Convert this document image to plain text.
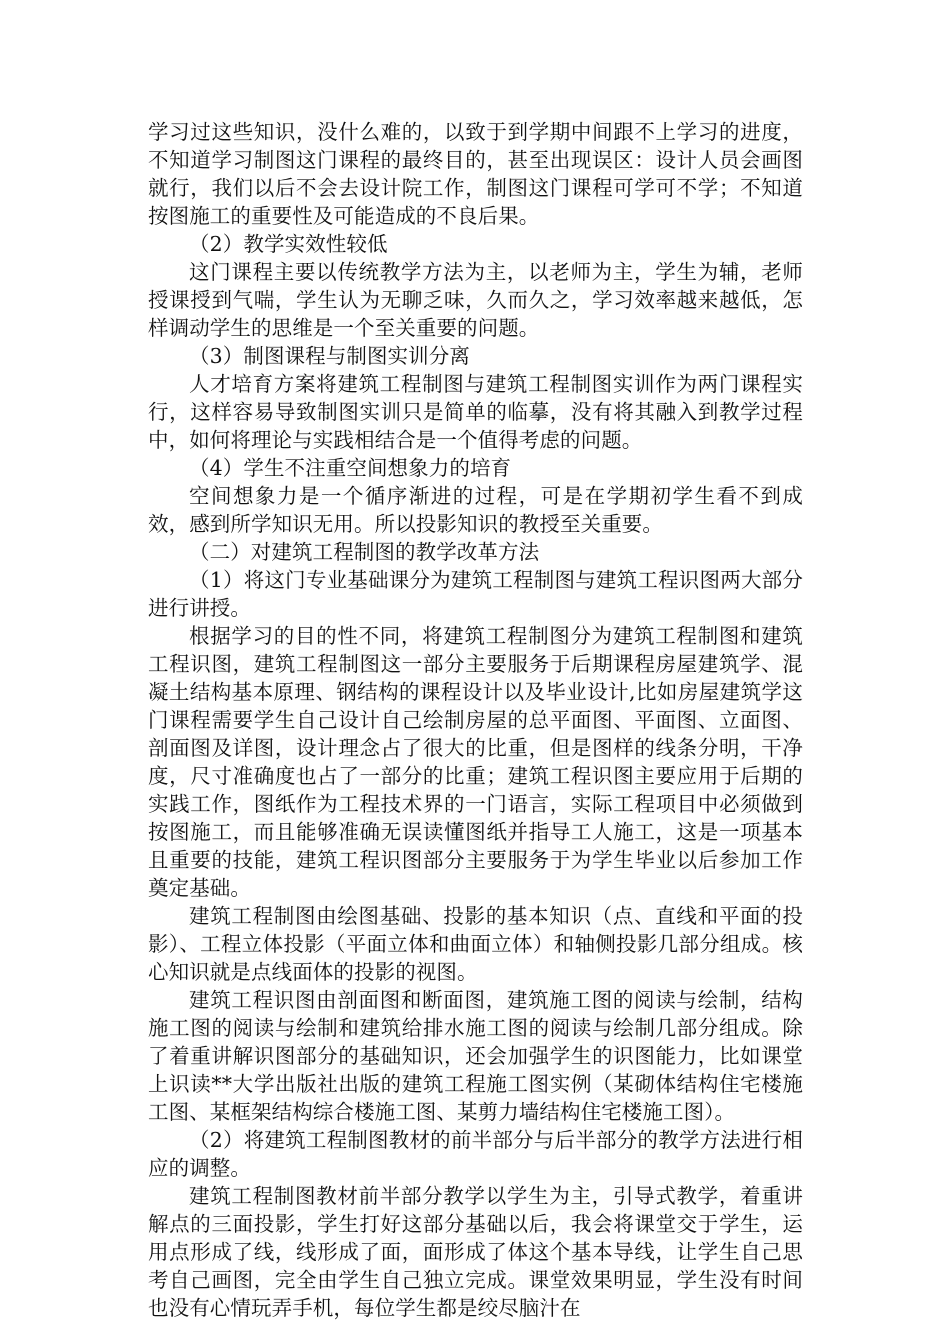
学习过这些知识，没什么难的，以致于到学期中间跟不上学习的进度，不知道学习制图这门课程的最终目的，甚至出现误区：设计人员会画图就行，我们以后不会去设计院工作，制图这门课程可学可不学；不知道按图施工的重要性及可能造成的不良后果。

（2）教学实效性较低

这门课程主要以传统教学方法为主，以老师为主，学生为辅，老师授课授到气喘，学生认为无聊乏味，久而久之，学习效率越来越低，怎样调动学生的思维是一个至关重要的问题。

（3）制图课程与制图实训分离

人才培育方案将建筑工程制图与建筑工程制图实训作为两门课程实行，这样容易导致制图实训只是简单的临摹，没有将其融入到教学过程中，如何将理论与实践相结合是一个值得考虑的问题。

（4）学生不注重空间想象力的培育

空间想象力是一个循序渐进的过程，可是在学期初学生看不到成效，感到所学知识无用。所以投影知识的教授至关重要。

（二）对建筑工程制图的教学改革方法

（1）将这门专业基础课分为建筑工程制图与建筑工程识图两大部分进行讲授。

根据学习的目的性不同，将建筑工程制图分为建筑工程制图和建筑工程识图，建筑工程制图这一部分主要服务于后期课程房屋建筑学、混凝土结构基本原理、钢结构的课程设计以及毕业设计,比如房屋建筑学这门课程需要学生自己设计自己绘制房屋的总平面图、平面图、立面图、剖面图及详图，设计理念占了很大的比重，但是图样的线条分明，干净度，尺寸准确度也占了一部分的比重；建筑工程识图主要应用于后期的实践工作，图纸作为工程技术界的一门语言，实际工程项目中必须做到按图施工，而且能够准确无误读懂图纸并指导工人施工，这是一项基本且重要的技能，建筑工程识图部分主要服务于为学生毕业以后参加工作奠定基础。

建筑工程制图由绘图基础、投影的基本知识（点、直线和平面的投影）、工程立体投影（平面立体和曲面立体）和轴侧投影几部分组成。核心知识就是点线面体的投影的视图。

建筑工程识图由剖面图和断面图，建筑施工图的阅读与绘制，结构施工图的阅读与绘制和建筑给排水施工图的阅读与绘制几部分组成。除了着重讲解识图部分的基础知识，还会加强学生的识图能力，比如课堂上识读**大学出版社出版的建筑工程施工图实例（某砌体结构住宅楼施工图、某框架结构综合楼施工图、某剪力墙结构住宅楼施工图）。

（2）将建筑工程制图教材的前半部分与后半部分的教学方法进行相应的调整。

建筑工程制图教材前半部分教学以学生为主，引导式教学，着重讲解点的三面投影，学生打好这部分基础以后，我会将课堂交于学生，运用点形成了线，线形成了面，面形成了体这个基本导线，让学生自己思考自己画图，完全由学生自己独立完成。课堂效果明显，学生没有时间也没有心情玩弄手机，每位学生都是绞尽脑汁在
